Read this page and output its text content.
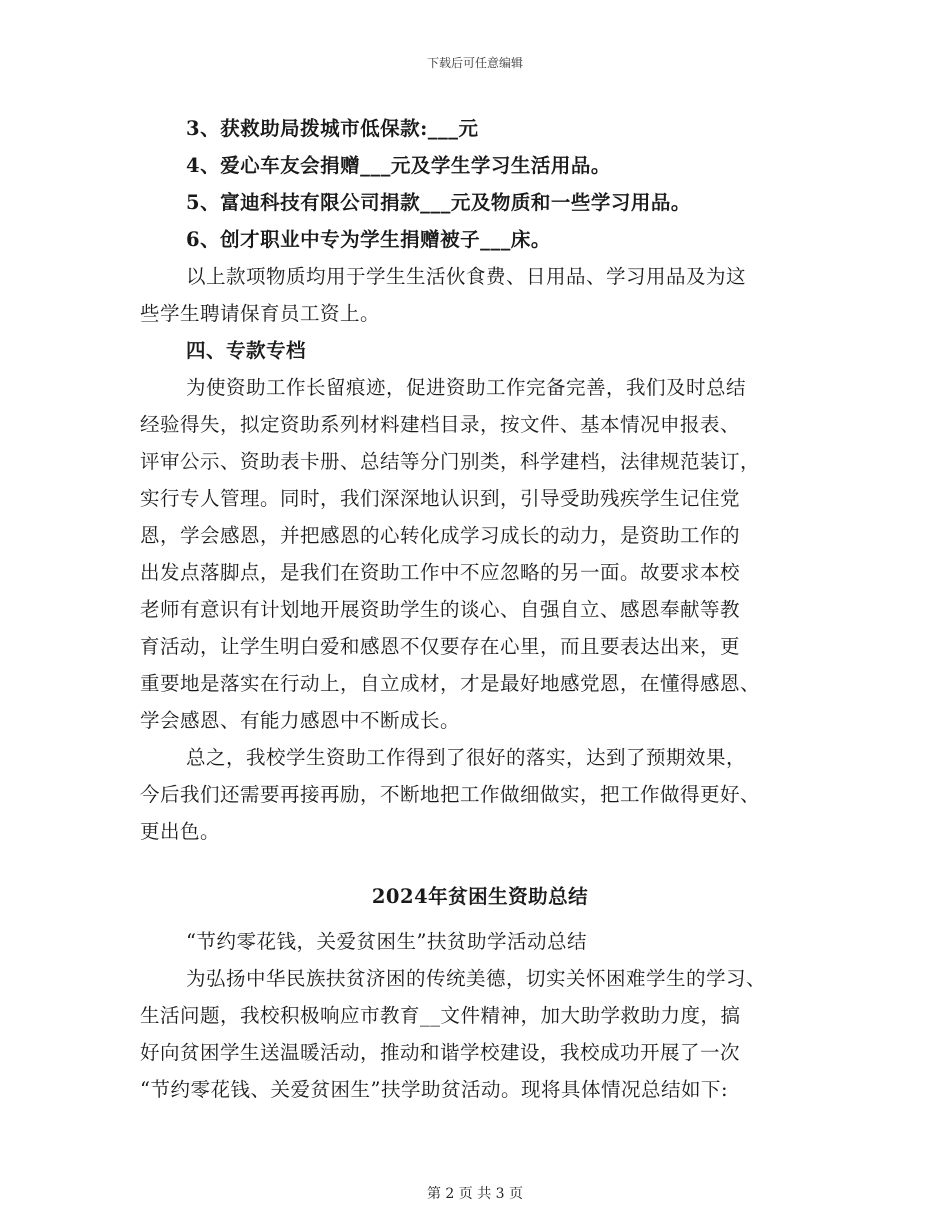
下载后可任意编辑
3、获救助局拨城市低保款:___元
4、爱心车友会捐赠___元及学生学习生活用品。
5、富迪科技有限公司捐款___元及物质和一些学习用品。
6、创才职业中专为学生捐赠被子___床。
以上款项物质均用于学生生活伙食费、日用品、学习用品及为这
些学生聘请保育员工资上。
四、专款专档
为使资助工作长留痕迹，促进资助工作完备完善，我们及时总结
经验得失，拟定资助系列材料建档目录，按文件、基本情况申报表、
评审公示、资助表卡册、总结等分门别类，科学建档，法律规范装订，
实行专人管理。同时，我们深深地认识到，引导受助残疾学生记住党
恩，学会感恩，并把感恩的心转化成学习成长的动力，是资助工作的
出发点落脚点，是我们在资助工作中不应忽略的另一面。故要求本校
老师有意识有计划地开展资助学生的谈心、自强自立、感恩奉献等教
育活动，让学生明白爱和感恩不仅要存在心里，而且要表达出来，更
重要地是落实在行动上，自立成材，才是最好地感党恩，在懂得感恩、
学会感恩、有能力感恩中不断成长。
总之，我校学生资助工作得到了很好的落实，达到了预期效果，
今后我们还需要再接再励，不断地把工作做细做实，把工作做得更好、
更出色。
2024年贫困生资助总结
“节约零花钱，关爱贫困生”扶贫助学活动总结
为弘扬中华民族扶贫济困的传统美德，切实关怀困难学生的学习、
生活问题，我校积极响应市教育__文件精神，加大助学救助力度，搞
好向贫困学生送温暖活动，推动和谐学校建设，我校成功开展了一次
“节约零花钱、关爱贫困生”扶学助贫活动。现将具体情况总结如下:
第 2 页 共 3 页
